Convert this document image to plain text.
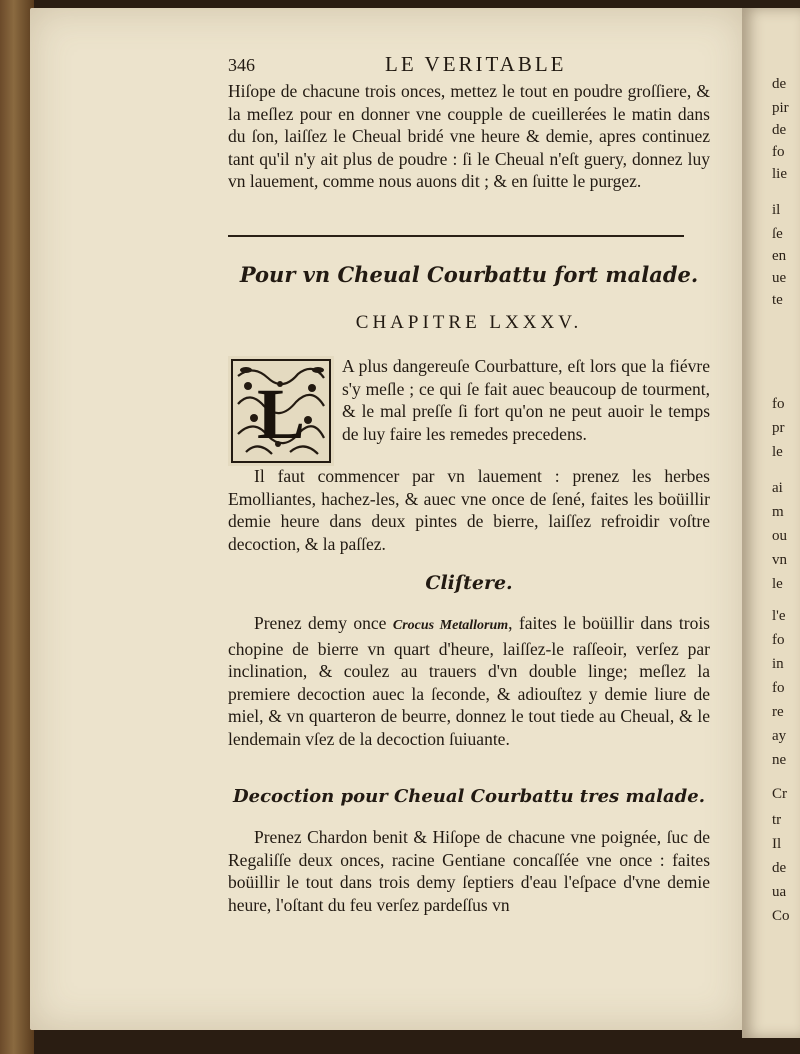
de
pir
de
fo
lie
il
ſe
en
ue
te
fo
pr
le
ai
m
ou
vn
le
l'e
fo
in
fo
re
ay
ne
Cr
tr
Il
de
ua
Co
346	LE VERITABLE

Hiſope de chacune trois onces, mettez le tout en poudre groſſiere, & la meſlez pour en donner vne coupple de cueillerées le matin dans du ſon, laiſſez le Cheual bridé vne heure & demie, apres continuez tant qu'il n'y ait plus de poudre : ſi le Cheual n'eſt guery, donnez luy vn lauement, comme nous auons dit ; & en ſuitte le purgez.

Pour vn Cheual Courbattu fort malade.
CHAPITRE LXXXV.
L

A plus dangereuſe Courbatture, eſt lors que la fiévre s'y meſle ; ce qui ſe fait auec beaucoup de tourment, & le mal preſſe ſi fort qu'on ne peut auoir le temps de luy faire les remedes precedens.

Il faut commencer par vn lauement : prenez les herbes Emolliantes, hachez-les, & auec vne once de ſené, faites les boüillir demie heure dans deux pintes de bierre, laiſſez refroidir voſtre decoction, & la paſſez.

Cliſtere.

Prenez demy once Crocus Metallorum, faites le boüillir dans trois chopine de bierre vn quart d'heure, laiſſez-le raſſeoir, verſez par inclination, & coulez au trauers d'vn double linge; meſlez la premiere decoction auec la ſeconde, & adiouſtez y demie liure de miel, & vn quarteron de beurre, donnez le tout tiede au Cheual, & le lendemain vſez de la decoction ſuiuante.

Decoction pour Cheual Courbattu tres malade.

Prenez Chardon benit & Hiſope de chacune vne poignée, ſuc de Regaliſſe deux onces, racine Gentiane concaſſée vne once : faites boüillir le tout dans trois demy ſeptiers d'eau l'eſpace d'vne demie heure, l'oſtant du feu verſez pardeſſus vn
